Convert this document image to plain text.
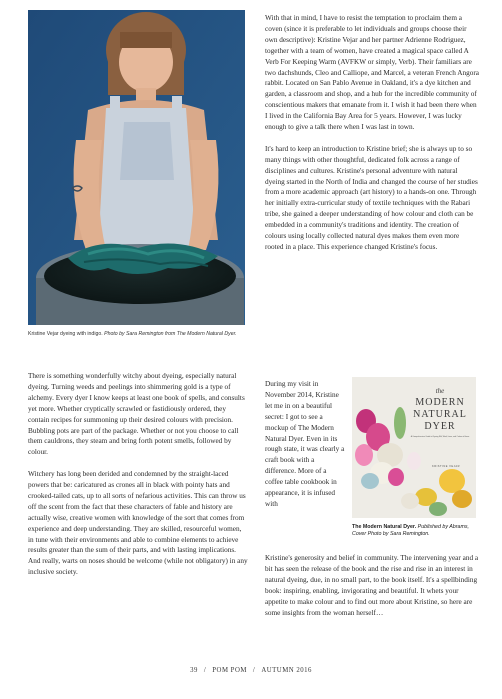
Kristine Vejar dyeing with indigo. Photo by Sara Remington from The Modern Natural Dyer.

With that in mind, I have to resist the temptation to proclaim them a coven (since it is preferable to let individuals and groups choose their own descriptive): Kristine Vejar and her partner Adrienne Rodriguez, together with a team of women, have created a magical space called A Verb For Keeping Warm (AVFKW or simply, Verb). Their familiars are two dachshunds, Cleo and Calliope, and Marcel, a veteran French Angora rabbit. Located on San Pablo Avenue in Oakland, it's a dye kitchen and garden, a classroom and shop, and a hub for the incredible community of conscientious makers that emanate from it. I wish it had been there when I lived in the California Bay Area for 5 years. However, I was lucky enough to give a talk there when I was last in town.

It's hard to keep an introduction to Kristine brief; she is always up to so many things with other thoughtful, dedicated folk across a range of disciplines and cultures. Kristine's personal adventure with natural dyeing started in the North of India and changed the course of her studies from a more academic approach (art history) to a hands-on one. Through her initially extra-curricular study of textile techniques with the Rabari tribe, she gained a deeper understanding of how colour and cloth can be embedded in a community's traditions and identity. The creation of colours using locally collected natural dyes makes them even more rooted in a place. This experience changed Kristine's focus.

There is something wonderfully witchy about dyeing, especially natural dyeing. Turning weeds and peelings into shimmering gold is a type of alchemy. Every dyer I know keeps at least one book of spells, and consults yet more. Whether cryptically scrawled or fastidiously ordered, they contain recipes for summoning up their desired colours with precision. Bubbling pots are part of the package. Whether or not you choose to call them cauldrons, they steam and bring forth potent smells, followed by colour.

Witchery has long been derided and condemned by the straight-laced powers that be: caricatured as crones all in black with pointy hats and crooked-tailed cats, up to all sorts of nefarious activities. This can throw us off the scent from the fact that these characters of fable and history are actually wise, creative women with knowledge of the sort that comes from experience and deep understanding. They are skilled, resourceful women, in tune with their environments and able to combine elements to achieve results greater than the sum of their parts, and with lasting implications. And really, warts on noses should be welcome (while not obligatory) in any inclusive society.

During my visit in November 2014, Kristine let me in on a beautiful secret: I got to see a mockup of The Modern Natural Dyer. Even in its rough state, it was clearly a craft book with a difference. More of a coffee table cookbook in appearance, it is infused with
the
MODERN
NATURAL
DYER
A Comprehensive Guide to Dyeing Silk, Wool, Linen, and Cotton at Home
KRISTINE VEJAR
The Modern Natural Dyer. Published by Abrams, Cover Photo by Sara Remington.
Kristine's generosity and belief in community. The intervening year and a bit has seen the release of the book and the rise and rise in an interest in natural dyeing, due, in no small part, to the book itself. It's a spellbinding book: inspiring, enabling, invigorating and beautiful. It whets your appetite to make colour and to find out more about Kristine, so here are some insights from the woman herself…
39 / POM POM / AUTUMN 2016
